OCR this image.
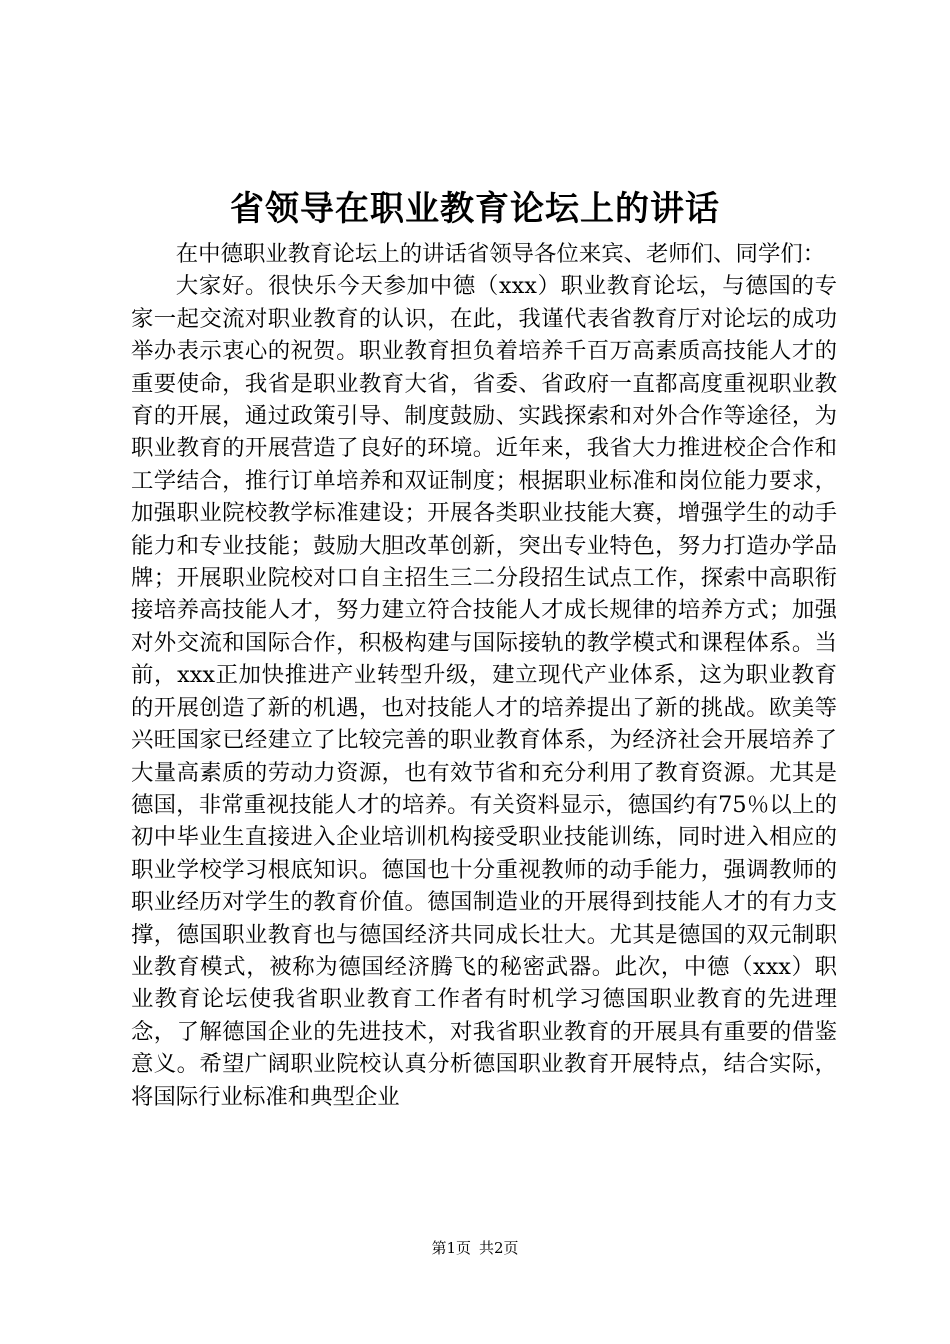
省领导在职业教育论坛上的讲话

在中德职业教育论坛上的讲话省领导各位来宾、老师们、同学们：

大家好。很快乐今天参加中德（xxx）职业教育论坛，与德国的专家一起交流对职业教育的认识，在此，我谨代表省教育厅对论坛的成功举办表示衷心的祝贺。职业教育担负着培养千百万高素质高技能人才的重要使命，我省是职业教育大省，省委、省政府一直都高度重视职业教育的开展，通过政策引导、制度鼓励、实践探索和对外合作等途径，为职业教育的开展营造了良好的环境。近年来，我省大力推进校企合作和工学结合，推行订单培养和双证制度；根据职业标准和岗位能力要求，加强职业院校教学标准建设；开展各类职业技能大赛，增强学生的动手能力和专业技能；鼓励大胆改革创新，突出专业特色，努力打造办学品牌；开展职业院校对口自主招生三二分段招生试点工作，探索中高职衔接培养高技能人才，努力建立符合技能人才成长规律的培养方式；加强对外交流和国际合作，积极构建与国际接轨的教学模式和课程体系。当前，xxx正加快推进产业转型升级，建立现代产业体系，这为职业教育的开展创造了新的机遇，也对技能人才的培养提出了新的挑战。欧美等兴旺国家已经建立了比较完善的职业教育体系，为经济社会开展培养了大量高素质的劳动力资源，也有效节省和充分利用了教育资源。尤其是德国，非常重视技能人才的培养。有关资料显示，德国约有75％以上的初中毕业生直接进入企业培训机构接受职业技能训练，同时进入相应的职业学校学习根底知识。德国也十分重视教师的动手能力，强调教师的职业经历对学生的教育价值。德国制造业的开展得到技能人才的有力支撑，德国职业教育也与德国经济共同成长壮大。尤其是德国的双元制职业教育模式，被称为德国经济腾飞的秘密武器。此次，中德（xxx）职业教育论坛使我省职业教育工作者有时机学习德国职业教育的先进理念，了解德国企业的先进技术，对我省职业教育的开展具有重要的借鉴意义。希望广阔职业院校认真分析德国职业教育开展特点，结合实际，将国际行业标准和典型企业

第1页 共2页
